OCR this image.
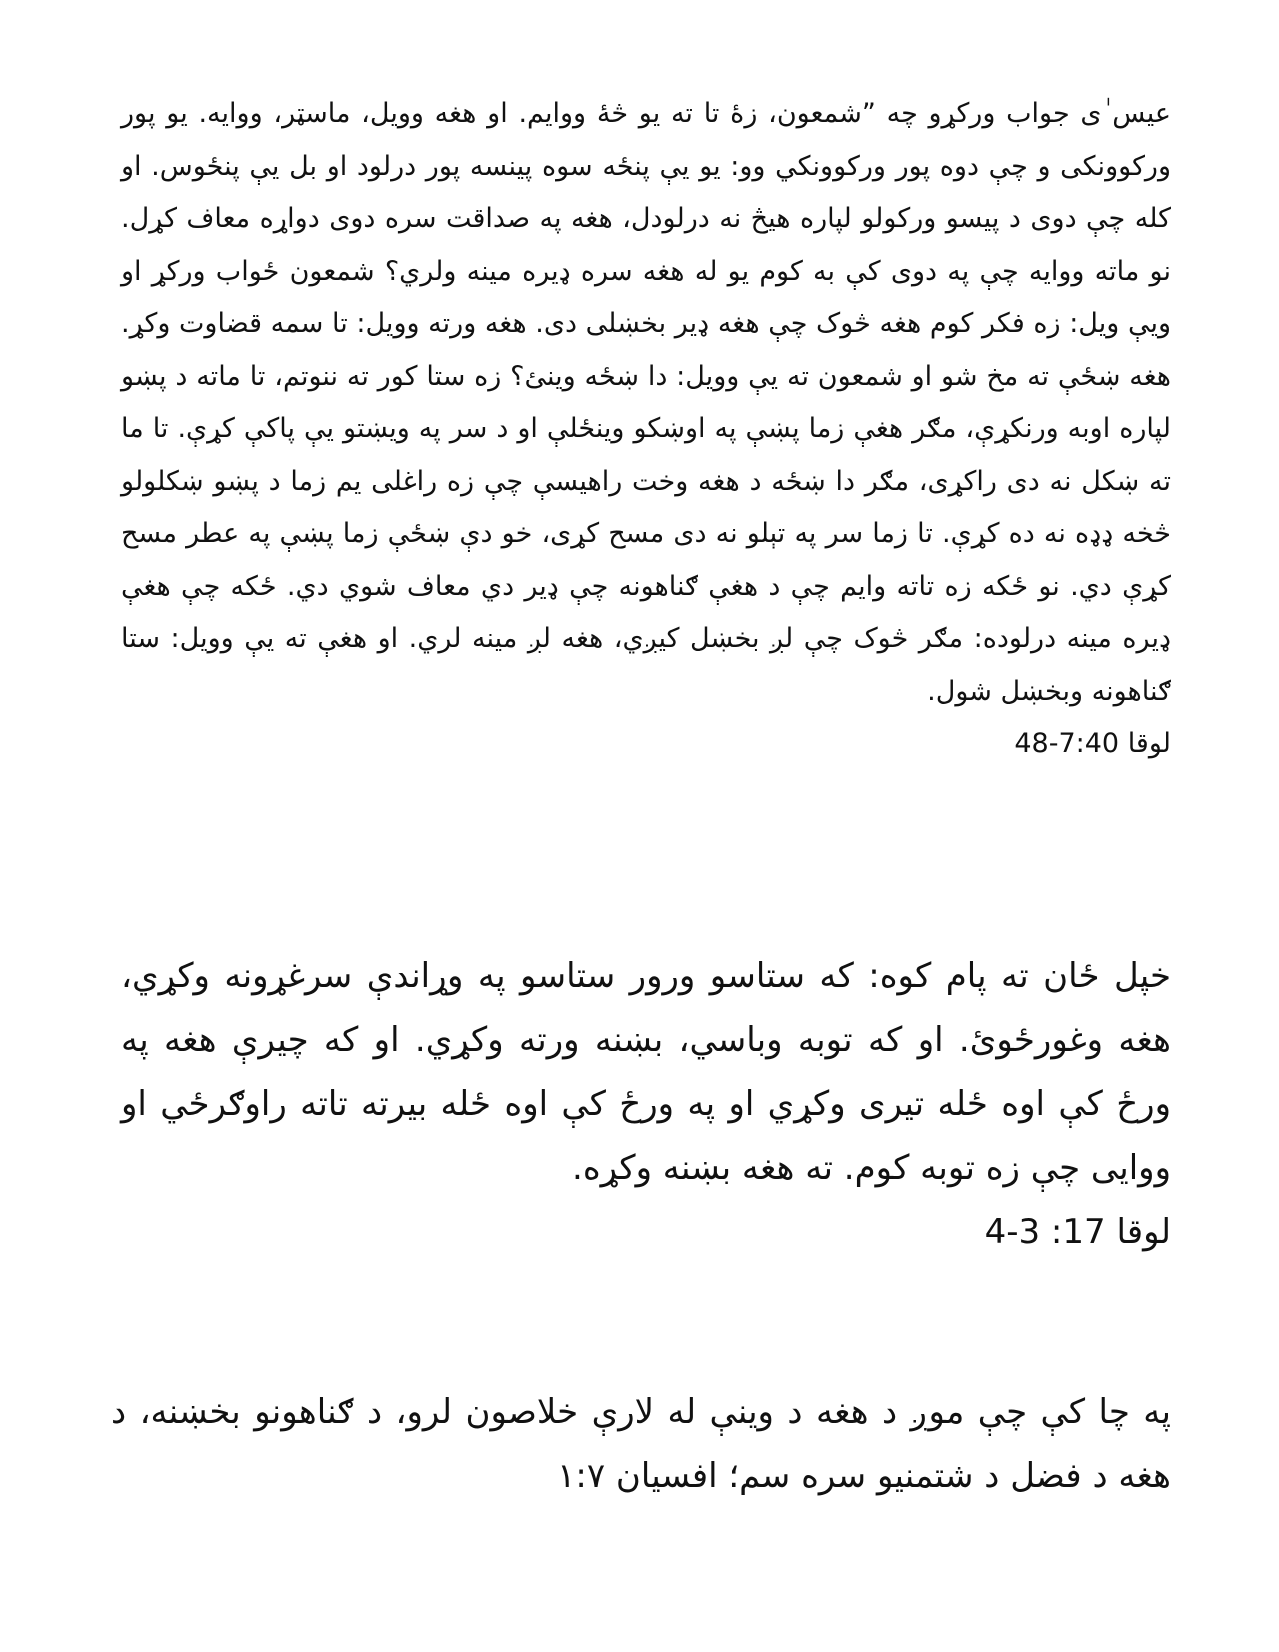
عیس ٰی جواب ورکړو چه ”شمعون، زۀ تا ته یو څۀ ووایم. او هغه وویل، ماسټر، ووايه. يو پور ورکوونکی و چې دوه پور ورکوونکي وو: يو يې پنځه سوه پينسه پور درلود او بل يې پنځوس. او کله چې دوی د پيسو ورکولو لپاره هيڅ نه درلودل، هغه په صداقت سره دوی دواړه معاف کړل. نو ماته ووايه چې په دوی کې به کوم يو له هغه سره ډيره مينه ولري؟ شمعون ځواب ورکړ او ويې ويل: زه فکر کوم هغه څوک چې هغه ډير بخښلی دی. هغه ورته وويل: تا سمه قضاوت وکړ. هغه ښځې ته مخ شو او شمعون ته يې وويل: دا ښځه وينئ؟ زه ستا کور ته ننوتم، تا ماته د پښو لپاره اوبه ورنکړې، مګر هغې زما پښې په اوښکو وينځلې او د سر په ويښتو يې پاکې کړې. تا ما ته ښکل نه دی راکړی، مګر دا ښځه د هغه وخت راهيسې چې زه راغلی يم زما د پښو ښکلولو څخه ډډه نه ده کړې. تا زما سر په تېلو نه دی مسح کړی، خو دې ښځې زما پښې په عطر مسح کړې دي. نو ځکه زه تاته وايم چې د هغې ګناهونه چې ډير دي معاف شوي دي. ځکه چې هغې ډيره مينه درلوده: مګر څوک چې لږ بخښل کيږي، هغه لږ مينه لري. او هغې ته يې وويل: ستا ګناهونه وبخښل شول.
لوقا 7:40-48
خپل ځان ته پام کوه: که ستاسو ورور ستاسو په وړاندې سرغړونه وکړي، هغه وغورځوئ. او که توبه وباسي، بښنه ورته وکړي. او که چیرې هغه په ورځ کې اوه ځله تیری وکړي او په ورځ کې اوه ځله بیرته تاته راوګرځي او ووایی چې زه توبه کوم. ته هغه بښنه وکړه.
لوقا 17: 3-4
په چا کې چې موږ د هغه د وينې له لارې خلاصون لرو، د ګناهونو بخښنه، د هغه د فضل د شتمنيو سره سم؛ افسيان ۱:۷
